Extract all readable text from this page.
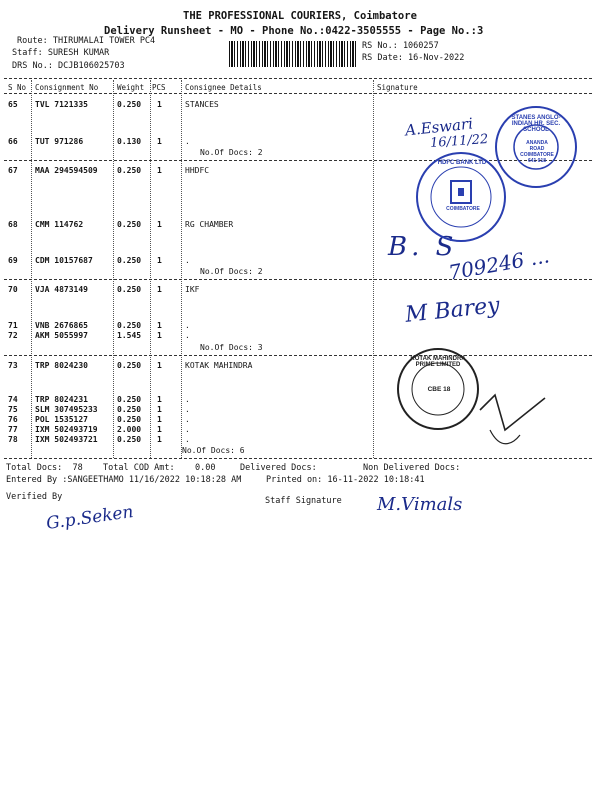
THE PROFESSIONAL COURIERS, Coimbatore
Delivery Runsheet - MO - Phone No.:0422-3505555 - Page No.:3
Route: THIRUMALAI TOWER PC4
Staff: SURESH KUMAR
DRS No.: DCJB106025703
RS No.: 1060257
RS Date: 16-Nov-2022
S No Consignment No	Weight PCS	Consignee Details	Signature
65 TVL 7121335	0.250 1	STANCES
66 TUT 971286	0.130 1	.
No.Of Docs: 2
67 MAA 294594509 0.250 1	HHDFC
68 CMM 114762	0.250 1	RG CHAMBER
69 CDM 10157687	0.250 1	.
No.Of Docs: 2
70 VJA 4873149	0.250 1	IKF
71 VNB 2676865	0.250 1	.
72 AKM 5055997	1.545 1	.
No.Of Docs: 3
73 TRP 8024230	0.250 1	KOTAK MAHINDRA
74 TRP 8024231	0.250 1	.
75 SLM 307495233 0.250 1	.
76 POL 1535127	0.250 1	.
77 IXM 502493719 2.000 1	.
78 IXM 502493721 0.250 1	.
No.Of Docs: 6
Total Docs:  78 Total COD Amt: 0.00	Delivered Docs:	Non Delivered Docs:
Entered By :SANGEETHAMO 11/16/2022 10:18:28 AM	Printed on: 16-11-2022 10:18:41
Verified By	Staff Signature
A.Eswari
16/11/22
B. S
709246 ...
M Barey
G.p.Seken	M.Vimals
STANES ANGLO-INDIAN HR. SEC. SCHOOL
ANANDA ROAD COIMBATORE 641 018
HDFC BANK LTD
COIMBATORE
KOTAK MAHINDRA PRIME LIMITED
CBE 18
